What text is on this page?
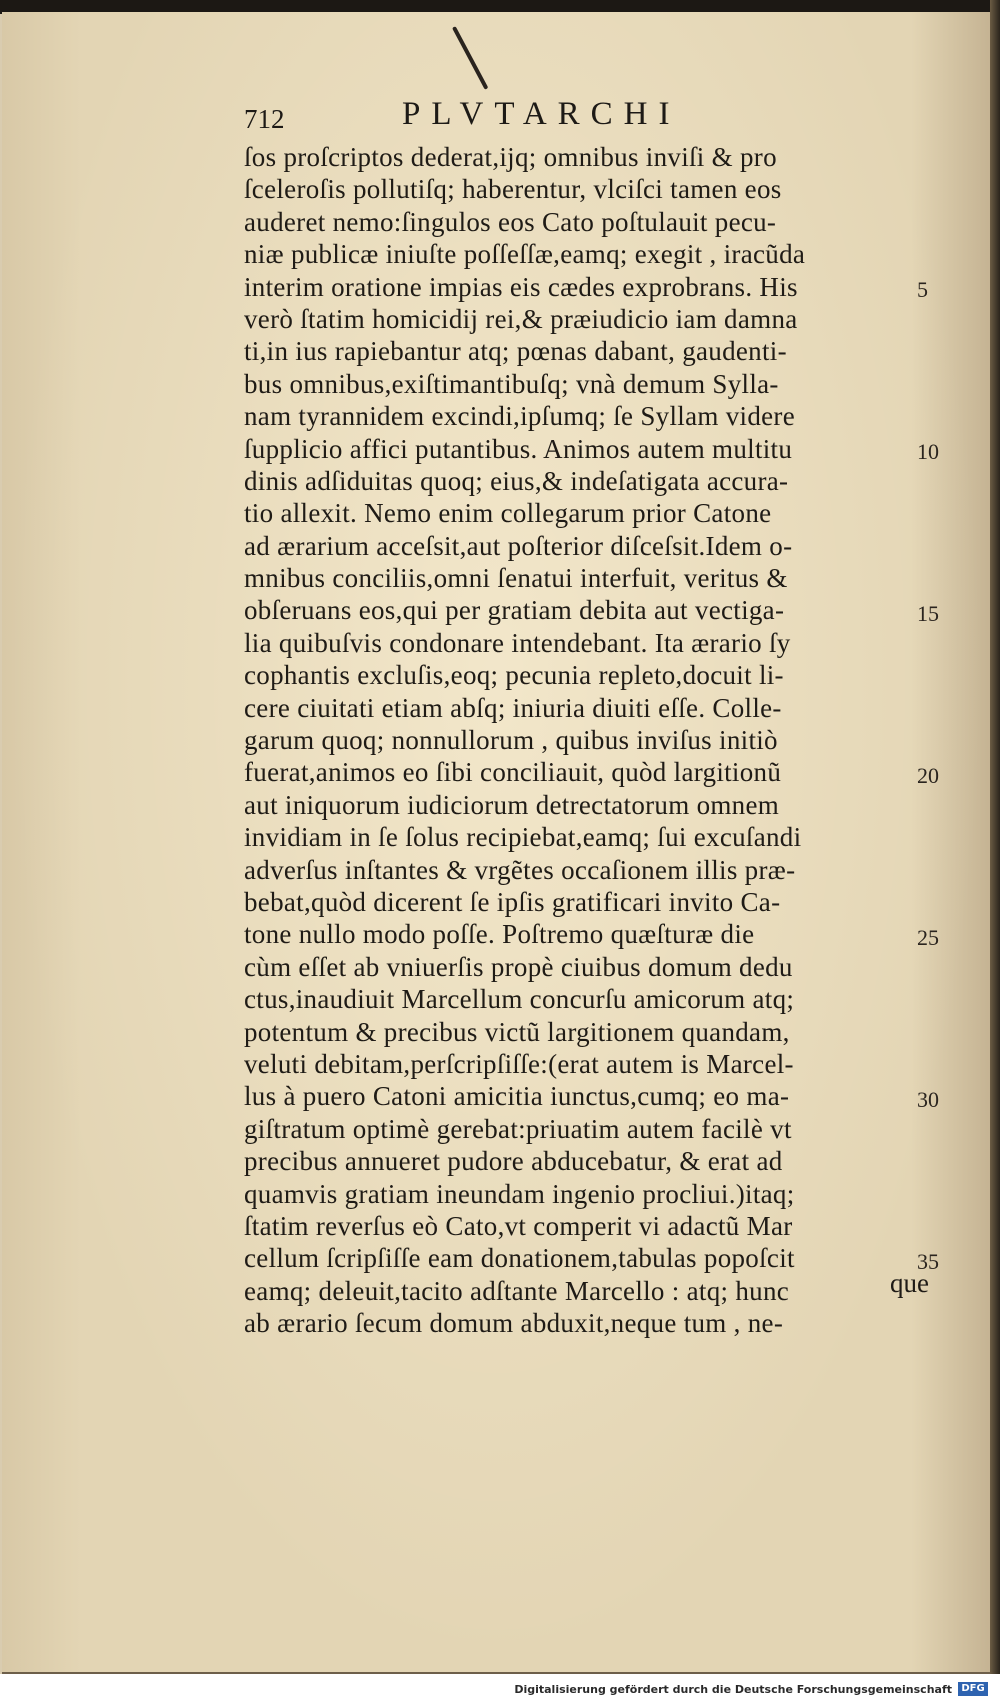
712	PLVTARCHI
ſos proſcriptos dederat,ijq; omnibus inviſi & pro
ſceleroſis pollutiſq; haberentur, vlciſci tamen eos
auderet nemo:ſingulos eos Cato poſtulauit pecu-
niæ publicæ iniuſte poſſeſſæ,eamq; exegit , iracũda
interim oratione impias eis cædes exprobrans. His
verò ſtatim homicidij rei,& præiudicio iam damna
ti,in ius rapiebantur atq; pœnas dabant, gaudenti-
bus omnibus,exiſtimantibuſq; vnà demum Sylla-
nam tyrannidem excindi,ipſumq; ſe Syllam videre
ſupplicio affici putantibus. Animos autem multitu
dinis adſiduitas quoq; eius,& indeſatigata accura-
tio allexit. Nemo enim collegarum prior Catone
ad ærarium acceſsit,aut poſterior diſceſsit.Idem o-
mnibus conciliis,omni ſenatui interfuit, veritus &
obſeruans eos,qui per gratiam debita aut vectiga-
lia quibuſvis condonare intendebant. Ita ærario ſy
cophantis excluſis,eoq; pecunia repleto,docuit li-
cere ciuitati etiam abſq; iniuria diuiti eſſe. Colle-
garum quoq; nonnullorum , quibus inviſus initiò
fuerat,animos eo ſibi conciliauit, quòd largitionũ
aut iniquorum iudiciorum detrectatorum omnem
invidiam in ſe ſolus recipiebat,eamq; ſui excuſandi
adverſus inſtantes & vrgẽtes occaſionem illis præ-
bebat,quòd dicerent ſe ipſis gratificari invito Ca-
tone nullo modo poſſe. Poſtremo quæſturæ die
cùm eſſet ab vniuerſis propè ciuibus domum dedu
ctus,inaudiuit Marcellum concurſu amicorum atq;
potentum & precibus victũ largitionem quandam,
veluti debitam,perſcripſiſſe:(erat autem is Marcel-
lus à puero Catoni amicitia iunctus,cumq; eo ma-
giſtratum optimè gerebat:priuatim autem facilè vt
precibus annueret pudore abducebatur, & erat ad
quamvis gratiam ineundam ingenio procliui.)itaq;
ſtatim reverſus eò Cato,vt comperit vi adactũ Mar
cellum ſcripſiſſe eam donationem,tabulas popoſcit
eamq; deleuit,tacito adſtante Marcello : atq; hunc
ab ærario ſecum domum abduxit,neque tum , ne-
5
10
15
20
25
30
35
que
Digitalisierung gefördert durch die Deutsche Forschungsgemeinschaft DFG
